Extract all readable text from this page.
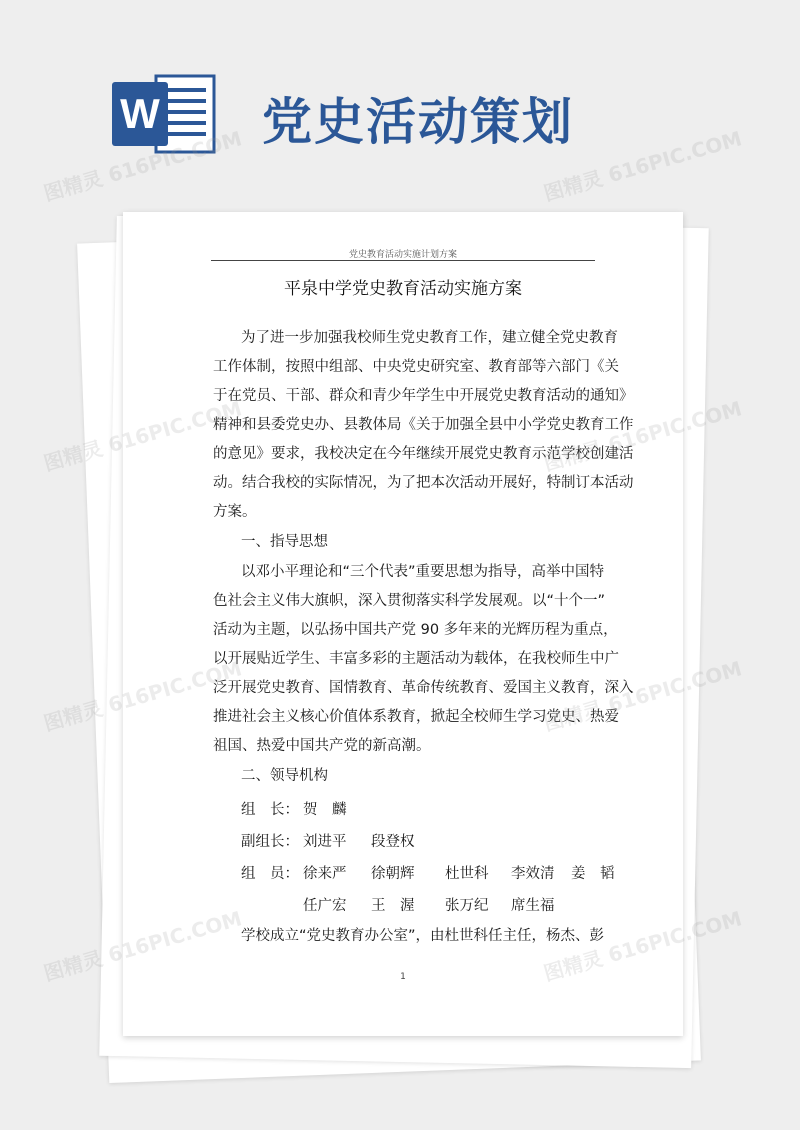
W 党史活动策划
党史教育活动实施计划方案
平泉中学党史教育活动实施方案
为了进一步加强我校师生党史教育工作，建立健全党史教育
工作体制，按照中组部、中央党史研究室、教育部等六部门《关
于在党员、干部、群众和青少年学生中开展党史教育活动的通知》
精神和县委党史办、县教体局《关于加强全县中小学党史教育工作
的意见》要求，我校决定在今年继续开展党史教育示范学校创建活
动。结合我校的实际情况，为了把本次活动开展好，特制订本活动
方案。
一、指导思想
以邓小平理论和“三个代表”重要思想为指导，高举中国特
色社会主义伟大旗帜，深入贯彻落实科学发展观。以“十个一”
活动为主题，以弘扬中国共产党 90 多年来的光辉历程为重点，
以开展贴近学生、丰富多彩的主题活动为载体，在我校师生中广
泛开展党史教育、国情教育、革命传统教育、爱国主义教育，深入
推进社会主义核心价值体系教育，掀起全校师生学习党史、热爱
祖国、热爱中国共产党的新高潮。
二、领导机构
组　长： 贺　麟
副组长： 刘进平 段登权
组　员： 徐来严 徐朝辉 杜世科 李效清 姜　韬
任广宏 王　渥 张万纪 席生福
学校成立“党史教育办公室”，由杜世科任主任，杨杰、彭
1
图精灵 616PIC.COM	图精灵 616PIC.COM
图精灵
图精灵
图精灵
